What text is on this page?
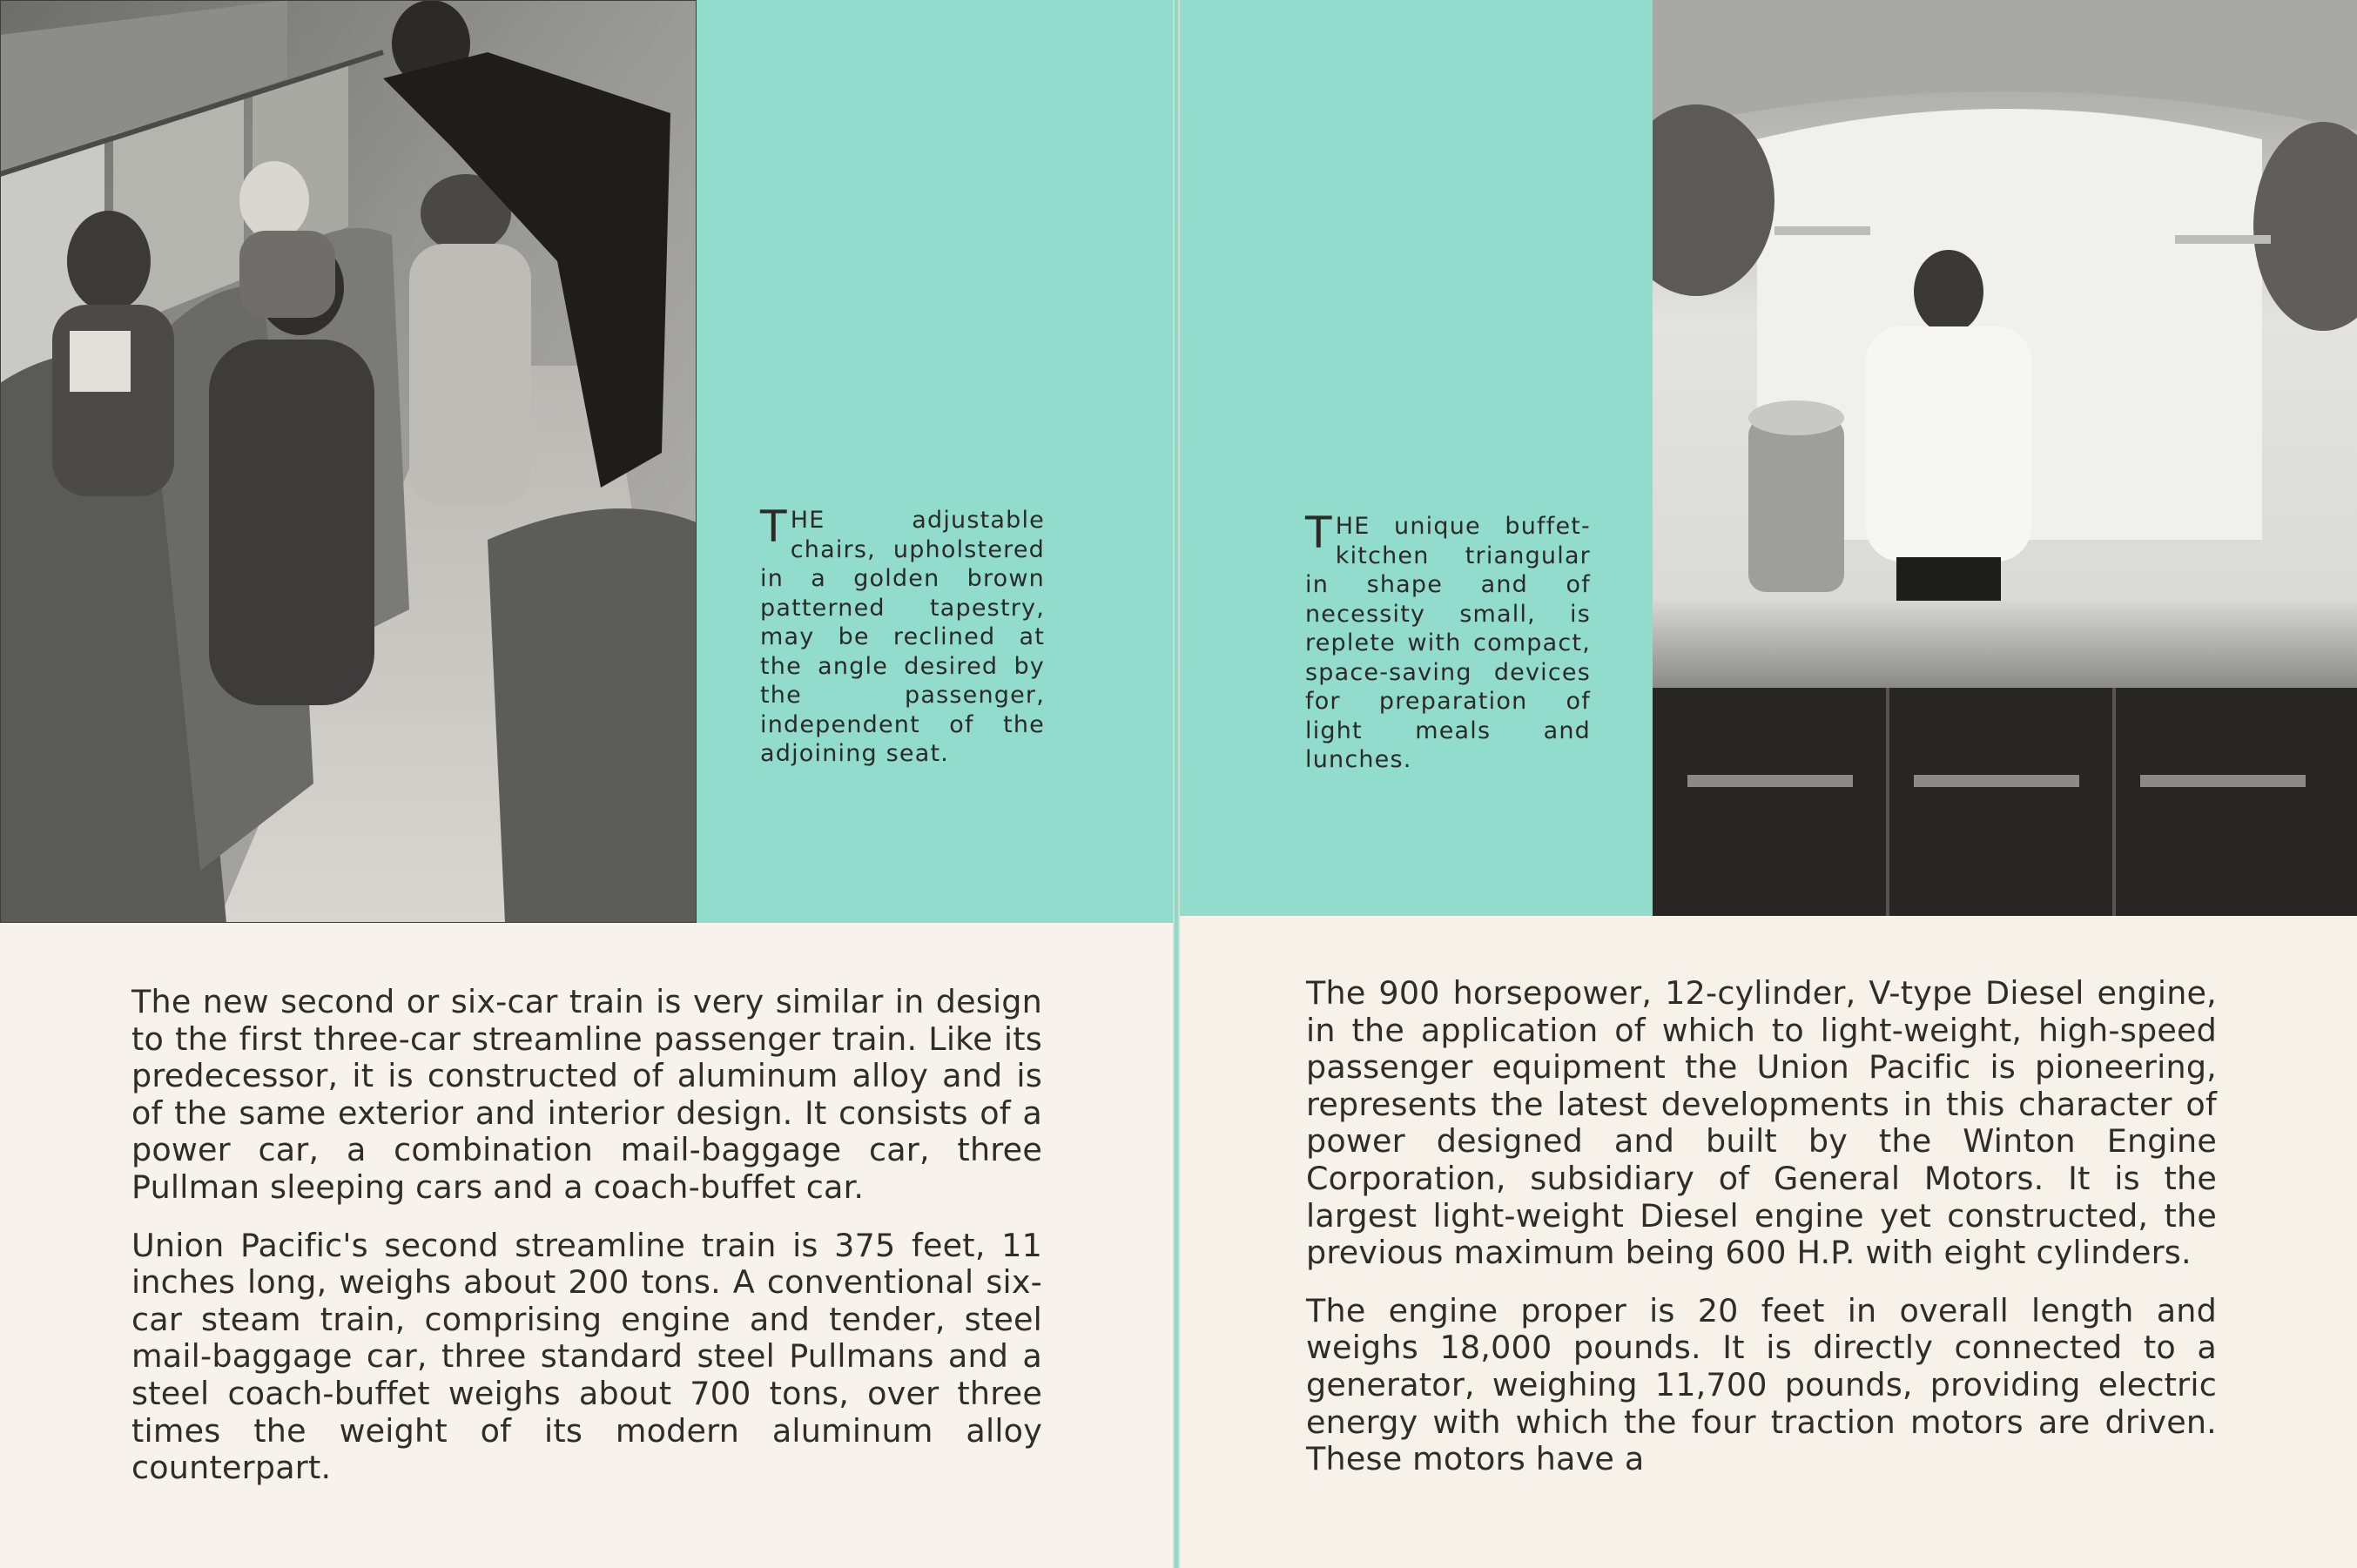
THE adjustable chairs, upholstered in a golden brown patterned tapestry, may be reclined at the angle desired by the passenger, independent of the adjoining seat.
THE unique buffet-kitchen triangular in shape and of necessity small, is replete with compact, space-saving devices for preparation of light meals and lunches.

The new second or six-car train is very similar in design to the first three-car streamline passenger train. Like its predecessor, it is constructed of aluminum alloy and is of the same exterior and interior design. It consists of a power car, a combination mail-baggage car, three Pullman sleeping cars and a coach-buffet car.

Union Pacific's second streamline train is 375 feet, 11 inches long, weighs about 200 tons. A conventional six-car steam train, comprising engine and tender, steel mail-baggage car, three standard steel Pullmans and a steel coach-buffet weighs about 700 tons, over three times the weight of its modern aluminum alloy counterpart.

The 900 horsepower, 12-cylinder, V-type Diesel engine, in the application of which to light-weight, high-speed passenger equipment the Union Pacific is pioneering, represents the latest developments in this character of power designed and built by the Winton Engine Corporation, subsidiary of General Motors. It is the largest light-weight Diesel engine yet constructed, the previous maximum being 600 H.P. with eight cylinders.

The engine proper is 20 feet in overall length and weighs 18,000 pounds. It is directly connected to a generator, weighing 11,700 pounds, providing electric energy with which the four traction motors are driven. These motors have a
